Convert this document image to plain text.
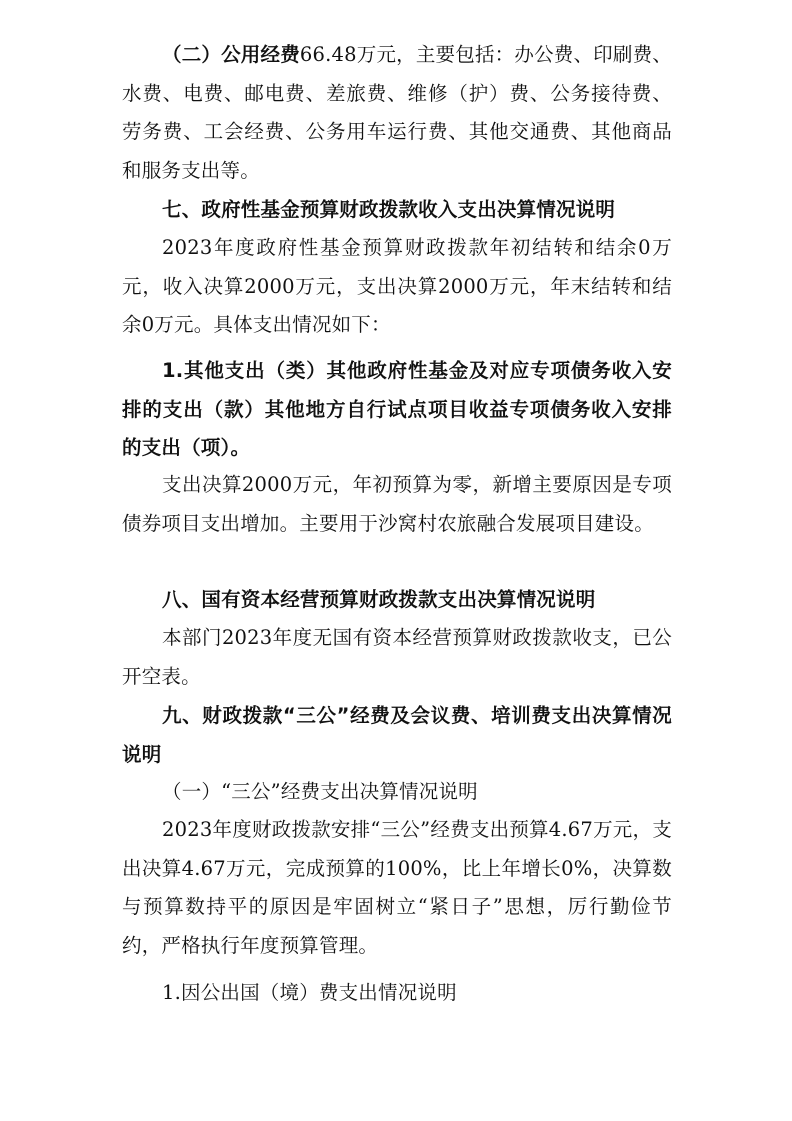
（二）公用经费66.48万元，主要包括：办公费、印刷费、水费、电费、邮电费、差旅费、维修（护）费、公务接待费、劳务费、工会经费、公务用车运行费、其他交通费、其他商品和服务支出等。

七、政府性基金预算财政拨款收入支出决算情况说明

2023年度政府性基金预算财政拨款年初结转和结余0万元，收入决算2000万元，支出决算2000万元，年末结转和结余0万元。具体支出情况如下：

1.其他支出（类）其他政府性基金及对应专项债务收入安排的支出（款）其他地方自行试点项目收益专项债务收入安排的支出（项）。

支出决算2000万元，年初预算为零，新增主要原因是专项债券项目支出增加。主要用于沙窝村农旅融合发展项目建设。

八、国有资本经营预算财政拨款支出决算情况说明

本部门2023年度无国有资本经营预算财政拨款收支，已公开空表。

九、财政拨款“三公”经费及会议费、培训费支出决算情况说明

（一）“三公”经费支出决算情况说明

2023年度财政拨款安排“三公”经费支出预算4.67万元，支出决算4.67万元，完成预算的100%，比上年增长0%，决算数与预算数持平的原因是牢固树立“紧日子”思想，厉行勤俭节约，严格执行年度预算管理。

1.因公出国（境）费支出情况说明
